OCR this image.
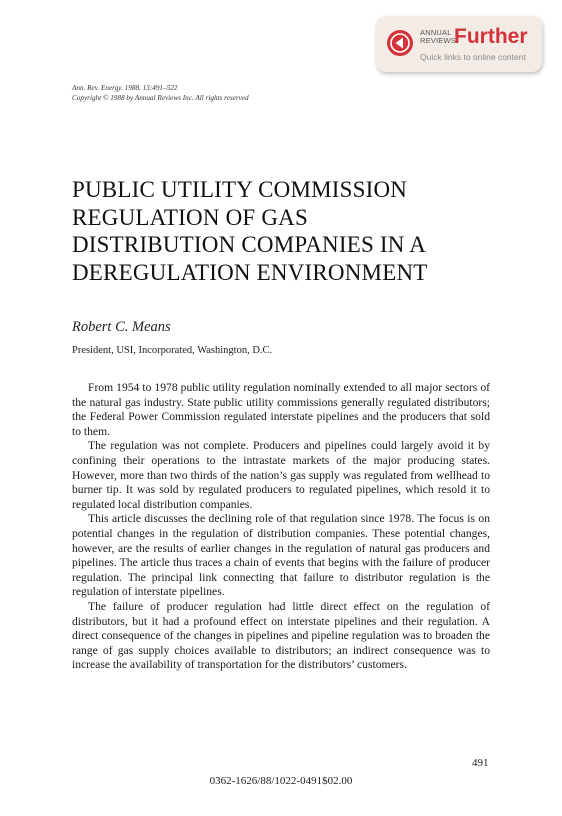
ANNUAL
REVIEWS
Further
Quick links to online content
Ann. Rev. Energy. 1988. 13:491–522
Copyright © 1988 by Annual Reviews Inc. All rights reserved
PUBLIC UTILITY COMMISSION
REGULATION OF GAS
DISTRIBUTION COMPANIES IN A
DEREGULATION ENVIRONMENT

Robert C. Means

President, USI, Incorporated, Washington, D.C.

From 1954 to 1978 public utility regulation nominally extended to all major sectors of the natural gas industry. State public utility commissions generally regulated distributors; the Federal Power Commission regulated interstate pipelines and the producers that sold to them.

The regulation was not complete. Producers and pipelines could largely avoid it by confining their operations to the intrastate markets of the major producing states. However, more than two thirds of the nation’s gas supply was regulated from wellhead to burner tip. It was sold by regulated producers to regulated pipelines, which resold it to regulated local distribution companies.

This article discusses the declining role of that regulation since 1978. The focus is on potential changes in the regulation of distribution companies. These potential changes, however, are the results of earlier changes in the regulation of natural gas producers and pipelines. The article thus traces a chain of events that begins with the failure of producer regulation. The principal link connecting that failure to distributor regulation is the regulation of interstate pipelines.

The failure of producer regulation had little direct effect on the regulation of distributors, but it had a profound effect on interstate pipelines and their regulation. A direct consequence of the changes in pipelines and pipeline regulation was to broaden the range of gas supply choices available to distributors; an indirect consequence was to increase the availability of transportation for the distributors’ customers.

491

0362-1626/88/1022-0491$02.00
